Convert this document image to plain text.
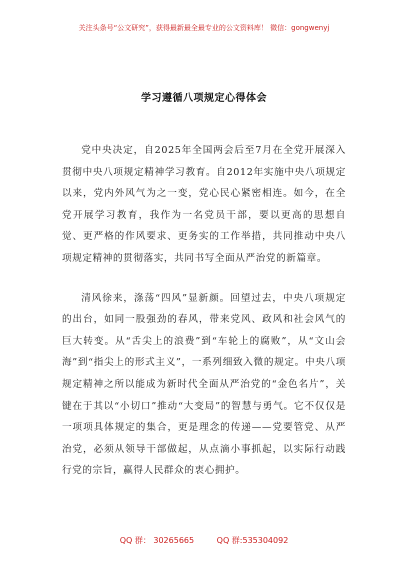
关注头条号“公文研究”，获得最新最全最专业的公文资料库！ 微信：gongwenyj
学习遵循八项规定心得体会

党中央决定，自2025年全国两会后至7月在全党开展深入贯彻中央八项规定精神学习教育。自2012年实施中央八项规定以来，党内外风气为之一变，党心民心紧密相连。如今，在全党开展学习教育，我作为一名党员干部，要以更高的思想自觉、更严格的作风要求、更务实的工作举措，共同推动中央八项规定精神的贯彻落实，共同书写全面从严治党的新篇章。

清风徐来，涤荡“四风”显新颜。回望过去，中央八项规定的出台，如同一股强劲的春风，带来党风、政风和社会风气的巨大转变。从“舌尖上的浪费”到“车轮上的腐败”，从“文山会海”到“指尖上的形式主义”，一系列细致入微的规定。中央八项规定精神之所以能成为新时代全面从严治党的“金色名片”，关键在于其以“小切口”推动“大变局”的智慧与勇气。它不仅仅是一项项具体规定的集合，更是理念的传递——党要管党、从严治党，必须从领导干部做起，从点滴小事抓起，以实际行动践行党的宗旨，赢得人民群众的衷心拥护。

QQ 群： 30265665	QQ 群:535304092
